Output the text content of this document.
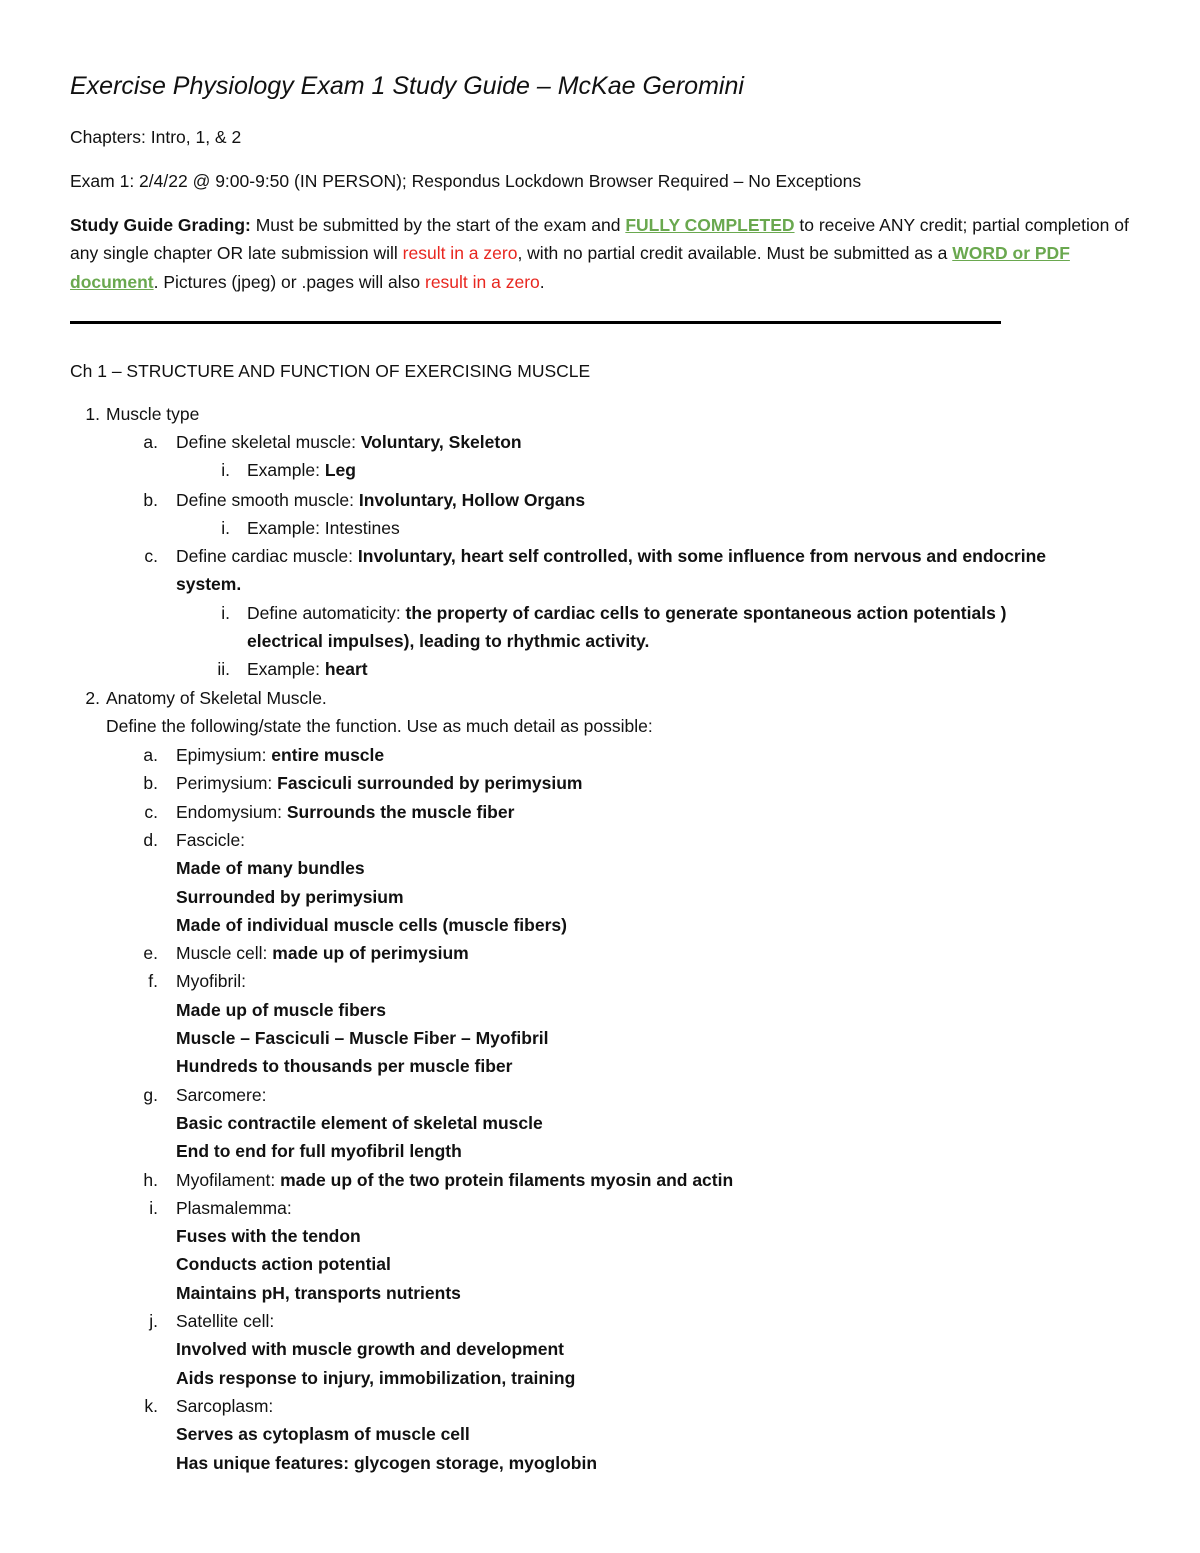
Exercise Physiology Exam 1 Study Guide – McKae Geromini
Chapters: Intro, 1, & 2
Exam 1: 2/4/22 @ 9:00-9:50 (IN PERSON); Respondus Lockdown Browser Required – No Exceptions

Study Guide Grading: Must be submitted by the start of the exam and FULLY COMPLETED to receive ANY credit; partial completion of any single chapter OR late submission will result in a zero, with no partial credit available. Must be submitted as a WORD or PDF document. Pictures (jpeg) or .pages will also result in a zero.

Ch 1 – STRUCTURE AND FUNCTION OF EXERCISING MUSCLE
1. Muscle type
a. Define skeletal muscle: Voluntary, Skeleton
i. Example: Leg
b. Define smooth muscle: Involuntary, Hollow Organs
i. Example: Intestines
c. Define cardiac muscle: Involuntary, heart self controlled, with some influence from nervous and endocrine
system.
i. Define automaticity: the property of cardiac cells to generate spontaneous action potentials )
electrical impulses), leading to rhythmic activity.
ii. Example: heart
2. Anatomy of Skeletal Muscle.
Define the following/state the function. Use as much detail as possible:
a. Epimysium: entire muscle
b. Perimysium: Fasciculi surrounded by perimysium
c. Endomysium: Surrounds the muscle fiber
d. Fascicle:
Made of many bundles
Surrounded by perimysium
Made of individual muscle cells (muscle fibers)
e. Muscle cell: made up of perimysium
f. Myofibril:
Made up of muscle fibers
Muscle – Fasciculi – Muscle Fiber – Myofibril
Hundreds to thousands per muscle fiber
g. Sarcomere:
Basic contractile element of skeletal muscle
End to end for full myofibril length
h. Myofilament: made up of the two protein filaments myosin and actin
i. Plasmalemma:
Fuses with the tendon
Conducts action potential
Maintains pH, transports nutrients
j. Satellite cell:
Involved with muscle growth and development
Aids response to injury, immobilization, training
k. Sarcoplasm:
Serves as cytoplasm of muscle cell
Has unique features: glycogen storage, myoglobin
